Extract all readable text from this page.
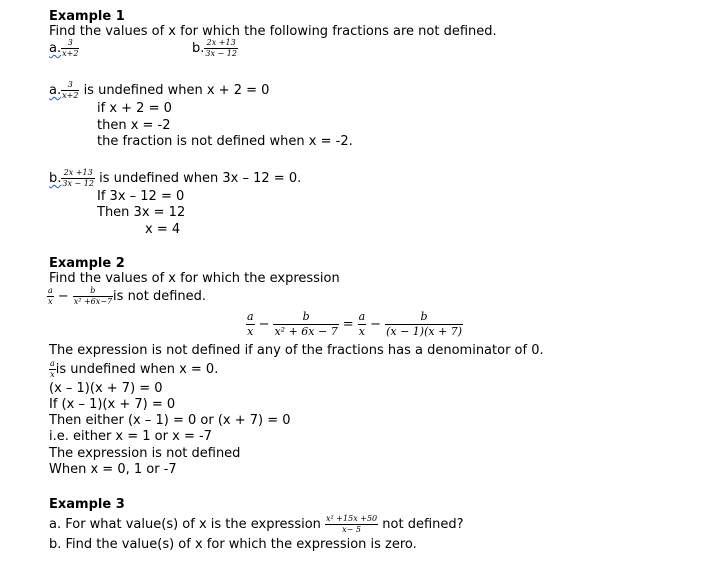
Example 1
Find the values of x for which the following fractions are not defined.
a. $\frac{3}{x+2}$	b. $\frac{2x +13}{3x - 12}$
a. $\frac{3}{x+2}$ is undefined when x + 2 = 0
if x + 2 = 0
then x = -2
the fraction is not defined when x = -2.
b. $\frac{2x +13}{3x - 12}$ is undefined when 3x – 12 = 0.
If 3x – 12 = 0
Then 3x = 12
x = 4
Example 2
Find the values of x for which the expression
$\frac{a}{x} - \frac{b}{\text{x² +6x−7}}$ is not defined.
$\frac{a}{x} - \frac{b}{\text{x² + 6x − 7}} = \frac{a}{x} - \frac{b}{(x - 1)(x + 7)}$
The expression is not defined if any of the fractions has a denominator of 0.
$\frac{a}{x}$ is undefined when x = 0.
(x – 1)(x + 7) = 0
If (x – 1)(x + 7) = 0
Then either (x – 1) = 0 or (x + 7) = 0
i.e. either x = 1 or x = -7
The expression is not defined
When x = 0, 1 or -7
Example 3
a. For what value(s) of x is the expression $\frac{\text{x² +15x +50}}{x- 5}$ not defined?
b. Find the value(s) of x for which the expression is zero.
